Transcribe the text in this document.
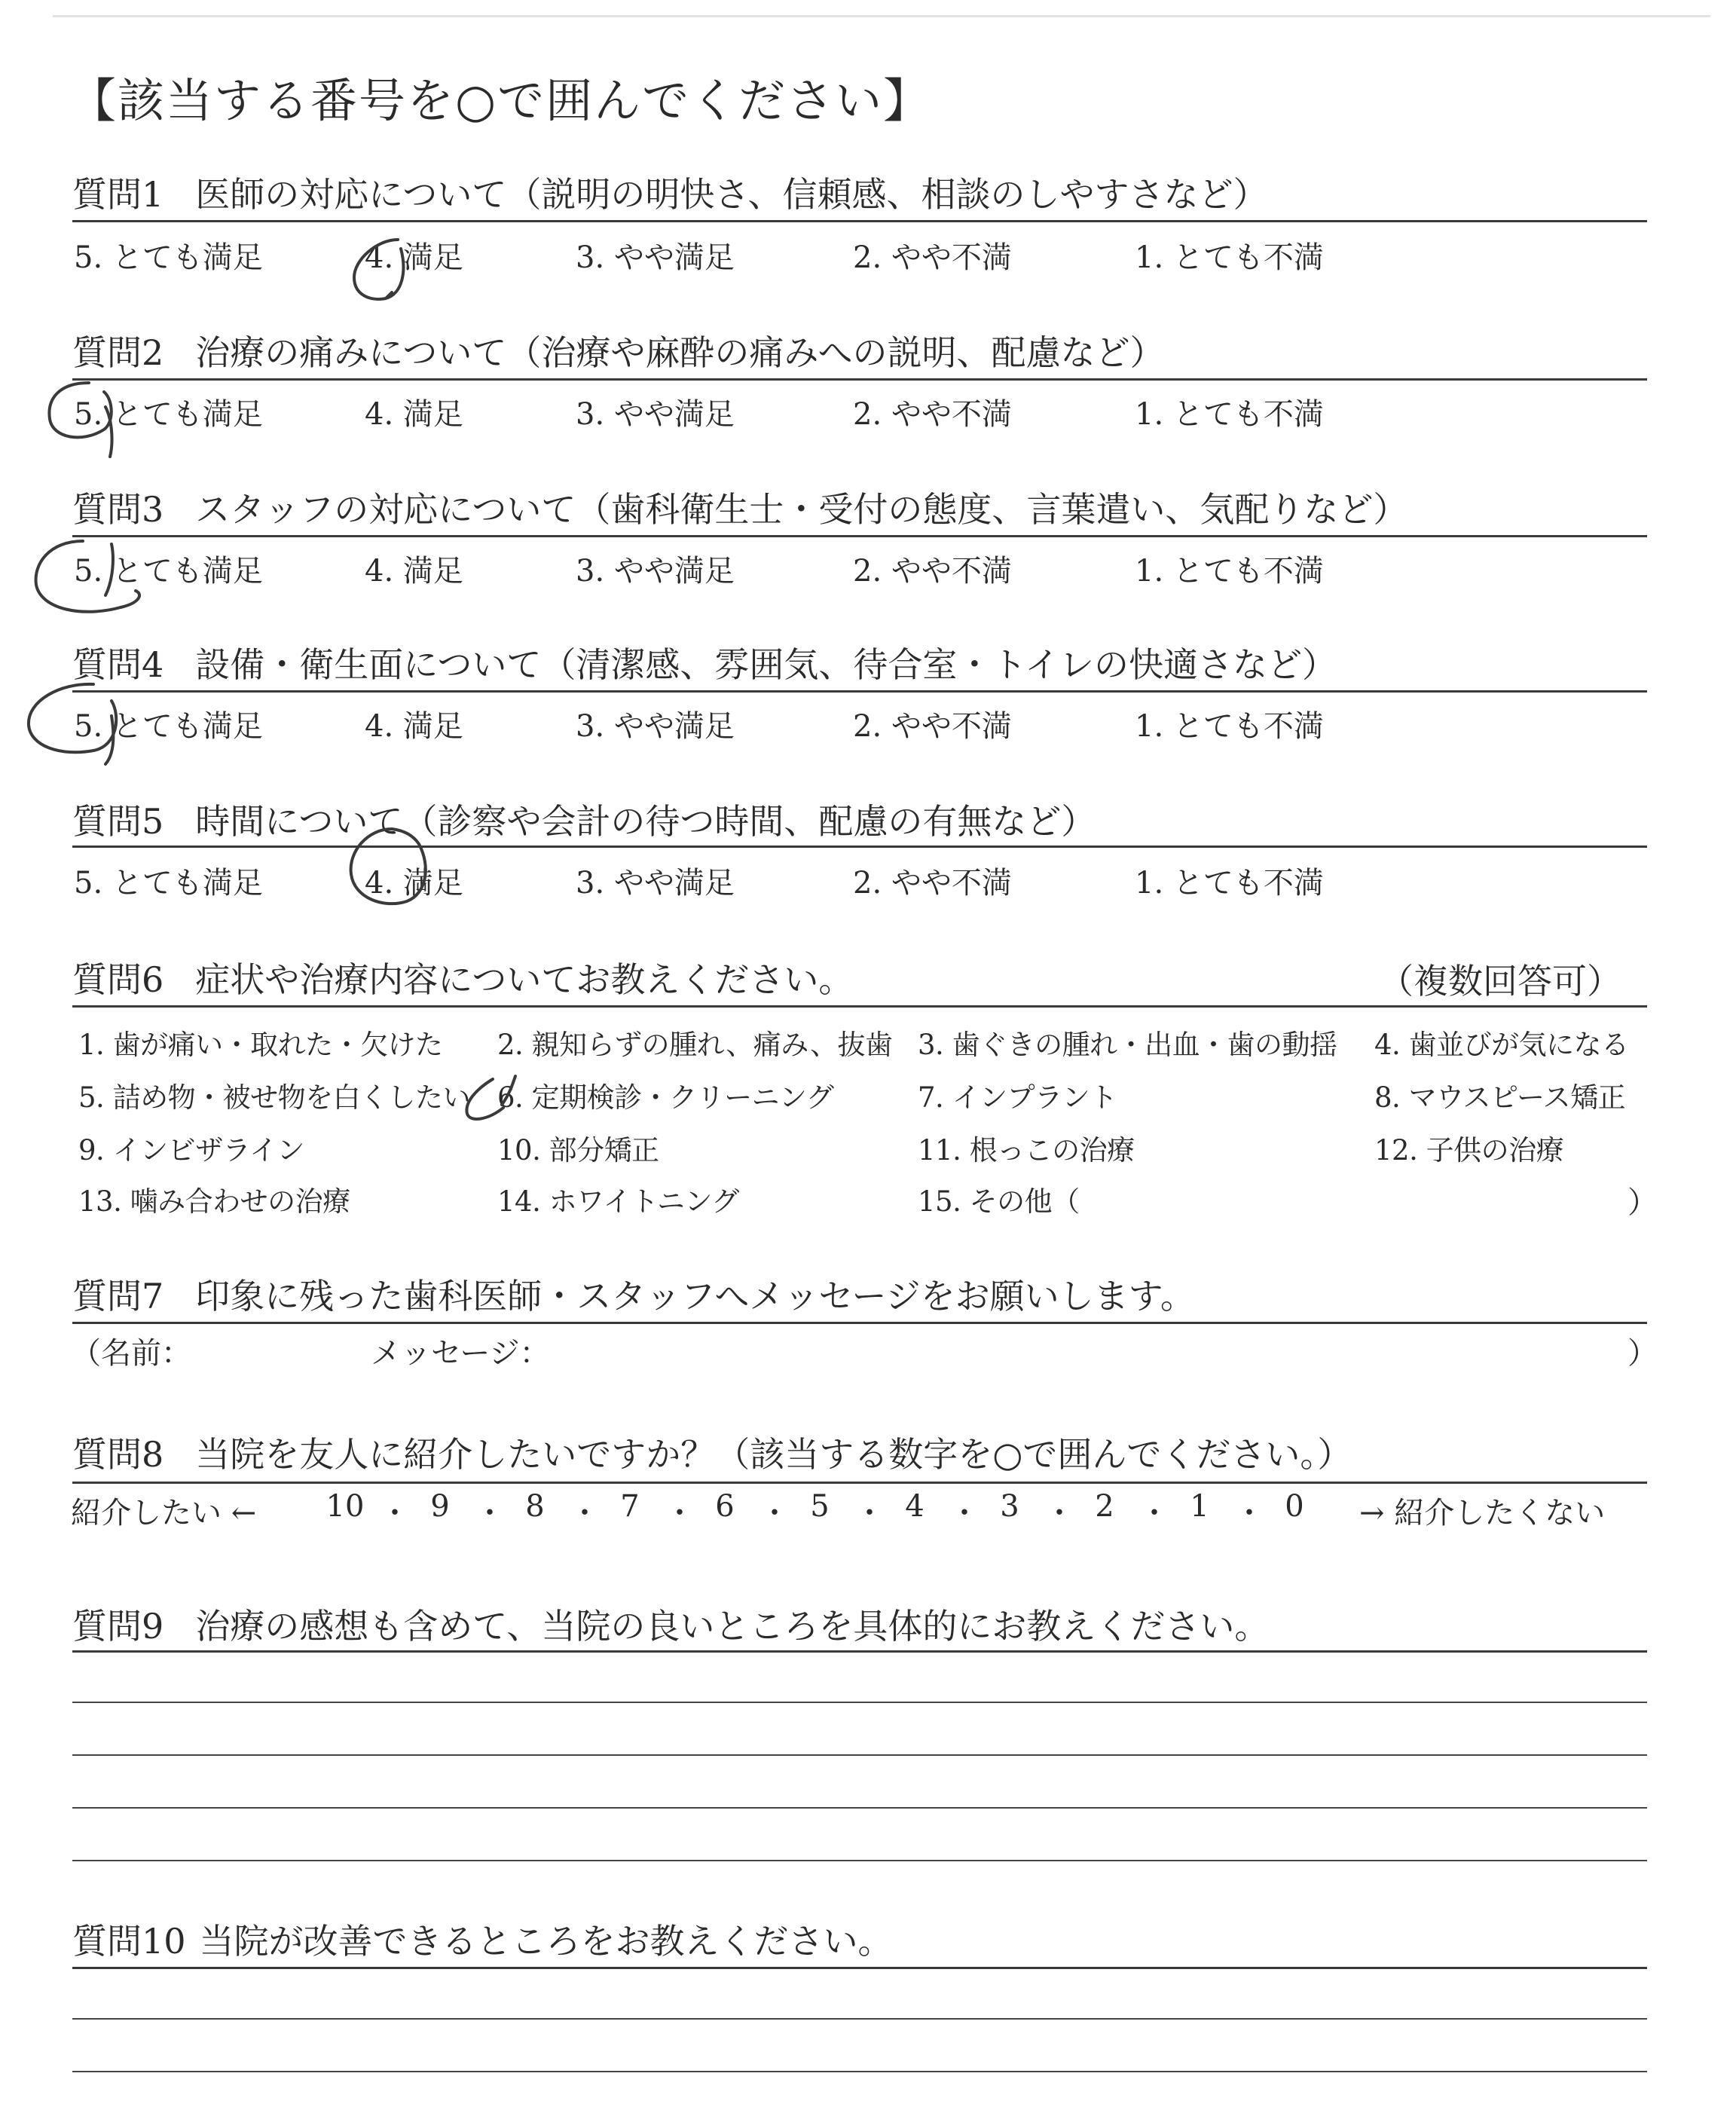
【該当する番号を○で囲んでください】
質問1 医師の対応について（説明の明快さ、信頼感、相談のしやすさなど）
5. とても満足	4. 満足	3. やや満足	2. やや不満	1. とても不満
質問2 治療の痛みについて（治療や麻酔の痛みへの説明、配慮など）
5. とても満足	4. 満足	3. やや満足	2. やや不満	1. とても不満
質問3 スタッフの対応について（歯科衛生士・受付の態度、言葉遣い、気配りなど）
5. とても満足	4. 満足	3. やや満足	2. やや不満	1. とても不満
質問4 設備・衛生面について（清潔感、雰囲気、待合室・トイレの快適さなど）
5. とても満足	4. 満足	3. やや満足	2. やや不満	1. とても不満
質問5 時間について（診察や会計の待つ時間、配慮の有無など）
5. とても満足	4. 満足	3. やや満足	2. やや不満	1. とても不満
質問6 症状や治療内容についてお教えください。	（複数回答可）
1. 歯が痛い・取れた・欠けた 2. 親知らずの腫れ、痛み、抜歯 3. 歯ぐきの腫れ・出血・歯の動揺 4. 歯並びが気になる
5. 詰め物・被せ物を白くしたい 6. 定期検診・クリーニング	7. インプラント	8. マウスピース矯正
9. インビザライン	10. 部分矯正	11. 根っこの治療	12. 子供の治療
13. 噛み合わせの治療	14. ホワイトニング	15. その他（	）
質問7 印象に残った歯科医師・スタッフへメッセージをお願いします。
（名前：	メッセージ：	）
質問8 当院を友人に紹介したいですか？（該当する数字を○で囲んでください。）
紹介したい ← 10 ・ 9 ・ 8 ・ 7 ・ 6 ・ 5 ・ 4 ・ 3 ・ 2 ・ 1 ・ 0	→ 紹介したくない
質問9 治療の感想も含めて、当院の良いところを具体的にお教えください。
質問10 当院が改善できるところをお教えください。
